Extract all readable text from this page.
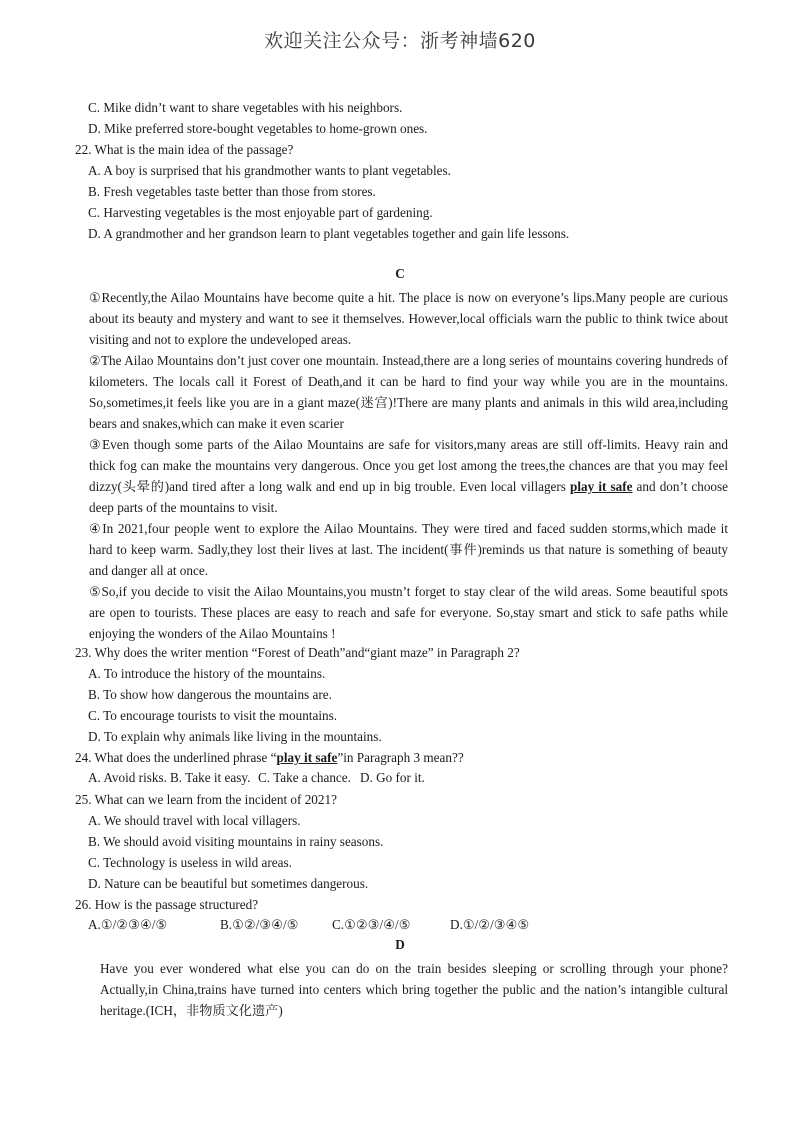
欢迎关注公众号：浙考神墙620
C. Mike didn’t want to share vegetables with his neighbors.
D. Mike preferred store-bought vegetables to home-grown ones.
22. What is the main idea of the passage?
A. A boy is surprised that his grandmother wants to plant vegetables.
B. Fresh vegetables taste better than those from stores.
C. Harvesting vegetables is the most enjoyable part of gardening.
D. A grandmother and her grandson learn to plant vegetables together and gain life lessons.
C
①Recently,the Ailao Mountains have become quite a hit. The place is now on everyone’s lips.Many people are curious about its beauty and mystery and want to see it themselves. However,local officials warn the public to think twice about visiting and not to explore the undeveloped areas.
②The Ailao Mountains don’t just cover one mountain. Instead,there are a long series of mountains covering hundreds of kilometers. The locals call it Forest of Death,and it can be hard to find your way while you are in the mountains. So,sometimes,it feels like you are in a giant maze(迷宫)!There are many plants and animals in this wild area,including bears and snakes,which can make it even scarier
③Even though some parts of the Ailao Mountains are safe for visitors,many areas are still off-limits. Heavy rain and thick fog can make the mountains very dangerous. Once you get lost among the trees,the chances are that you may feel dizzy(头晕的)and tired after a long walk and end up in big trouble. Even local villagers play it safe and don’t choose deep parts of the mountains to visit.
④In 2021,four people went to explore the Ailao Mountains. They were tired and faced sudden storms,which made it hard to keep warm. Sadly,they lost their lives at last. The incident(事件)reminds us that nature is something of beauty and danger all at once.
⑤So,if you decide to visit the Ailao Mountains,you mustn’t forget to stay clear of the wild areas. Some beautiful spots are open to tourists. These places are easy to reach and safe for everyone. So,stay smart and stick to safe paths while enjoying the wonders of the Ailao Mountains !
23. Why does the writer mention “Forest of Death”and“giant maze” in Paragraph 2?
A. To introduce the history of the mountains.
B. To show how dangerous the mountains are.
C. To encourage tourists to visit the mountains.
D. To explain why animals like living in the mountains.
24. What does the underlined phrase “play it safe”in Paragraph 3 mean??
A. Avoid risks. B. Take it easy. C. Take a chance. D. Go for it.
25. What can we learn from the incident of 2021?
A. We should travel with local villagers.
B. We should avoid visiting mountains in rainy seasons.
C. Technology is useless in wild areas.
D. Nature can be beautiful but sometimes dangerous.
26. How is the passage structured?
A.①/②③④/⑤	B.①②/③④/⑤	C.①②③/④/⑤	D.①/②/③④⑤
D
Have you ever wondered what else you can do on the train besides sleeping or scrolling through your phone? Actually,in China,trains have turned into centers which bring together the public and the nation’s intangible cultural heritage.(ICH，非物质文化遗产)
